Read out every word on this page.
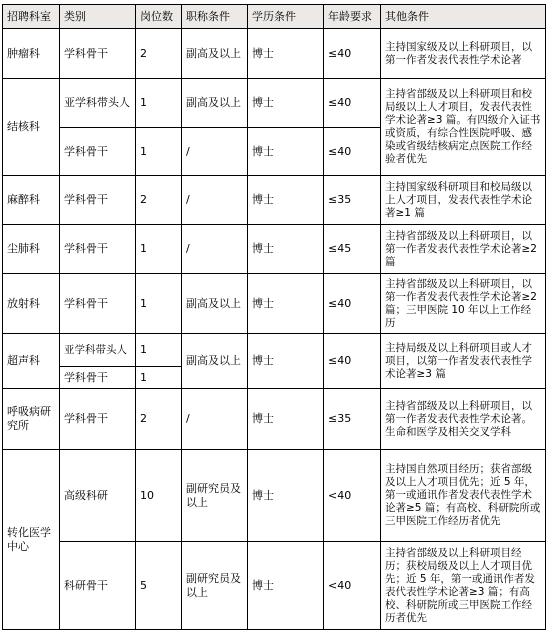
招聘科室	类别	岗位数	职称条件	学历条件	年龄要求	其他条件
肿瘤科	学科骨干	2	副高及以上	博士	≤40	主持国家级及以上科研项目，以第一作者发表代表性学术论著
结核科	亚学科带头人	1	副高及以上	博士	≤40	主持省部级及以上科研项目和校局级以上人才项目，发表代表性学术论著≥3 篇。有四级介入证书或资质，有综合性医院呼吸、感染或省级结核病定点医院工作经验者优先
	学科骨干	1	/	博士	≤40	
麻醉科	学科骨干	2	/	博士	≤35	主持国家级科研项目和校局级以上人才项目，发表代表性学术论著≥1 篇
尘肺科	学科骨干	1	/	博士	≤45	主持省部级及以上科研项目，以第一作者发表代表性学术论著≥2 篇
放射科	学科骨干	1	副高及以上	博士	≤40	主持省部级及以上科研项目，以第一作者发表代表性学术论著≥2 篇；三甲医院 10 年以上工作经历
超声科	亚学科带头人	1	副高及以上	博士	≤40	主持局级及以上科研项目或人才项目，以第一作者发表代表性学术论著≥3 篇
	学科骨干	1				
呼吸病研究所	学科骨干	2	/	博士	≤35	主持省部级及以上科研项目，以第一作者发表代表性学术论著。生命和医学及相关交叉学科
转化医学中心	高级科研	10	副研究员及以上	博士	<40	主持国自然项目经历；获省部级及以上人才项目优先；近 5 年，第一或通讯作者发表代表性学术论著≥5 篇；有高校、科研院所或三甲医院工作经历者优先
	科研骨干	5	副研究员及以上	博士	<40	主持省部级及以上科研项目经历；获校局级及以上人才项目优先；近 5 年，第一或通讯作者发表代表性学术论著≥3 篇；有高校、科研院所或三甲医院工作经历者优先
